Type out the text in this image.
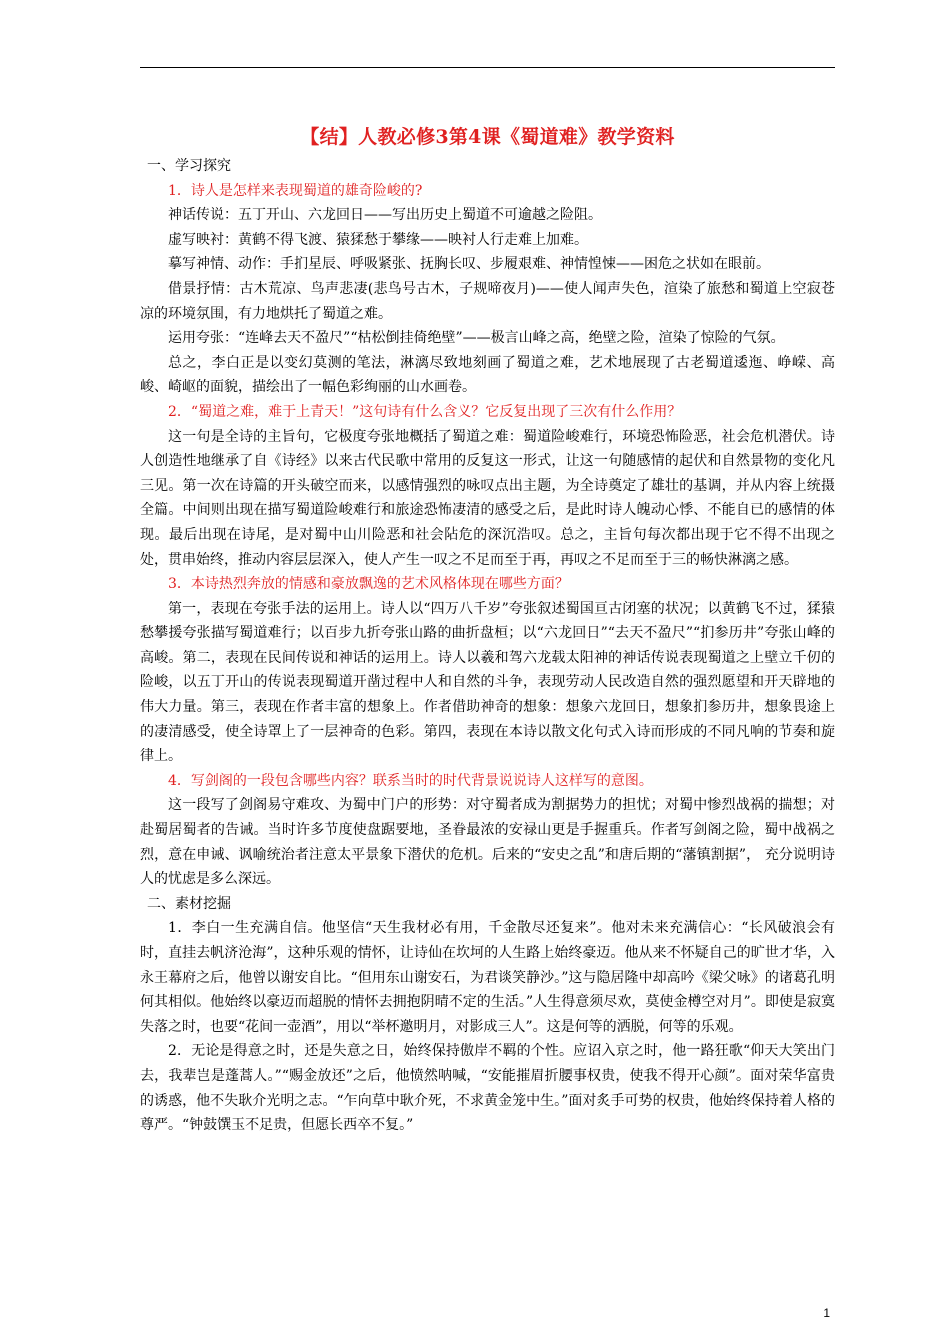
【结】人教必修3第4课《蜀道难》教学资料

一、学习探究

1．诗人是怎样来表现蜀道的雄奇险峻的?

神话传说：五丁开山、六龙回日——写出历史上蜀道不可逾越之险阻。

虚写映衬：黄鹤不得飞渡、猿猱愁于攀缘——映衬人行走难上加难。

摹写神情、动作：手扪星辰、呼吸紧张、抚胸长叹、步履艰难、神情惶悚——困危之状如在眼前。

借景抒情：古木荒凉、鸟声悲凄(悲鸟号古木，子规啼夜月)——使人闻声失色，渲染了旅愁和蜀道上空寂苍凉的环境氛围，有力地烘托了蜀道之难。

运用夸张：“连峰去天不盈尺”“枯松倒挂倚绝壁”——极言山峰之高，绝壁之险，渲染了惊险的气氛。

总之，李白正是以变幻莫测的笔法，淋漓尽致地刻画了蜀道之难，艺术地展现了古老蜀道逶迤、峥嵘、高峻、崎岖的面貌，描绘出了一幅色彩绚丽的山水画卷。

2．“蜀道之难，难于上青天！”这句诗有什么含义？它反复出现了三次有什么作用？

这一句是全诗的主旨句，它极度夸张地概括了蜀道之难：蜀道险峻难行，环境恐怖险恶，社会危机潜伏。诗人创造性地继承了自《诗经》以来古代民歌中常用的反复这一形式，让这一句随感情的起伏和自然景物的变化凡三见。第一次在诗篇的开头破空而来，以感情强烈的咏叹点出主题，为全诗奠定了雄壮的基调，并从内容上统摄全篇。中间则出现在描写蜀道险峻难行和旅途恐怖凄清的感受之后，是此时诗人魄动心悸、不能自已的感情的体现。最后出现在诗尾，是对蜀中山川险恶和社会阽危的深沉浩叹。总之，主旨句每次都出现于它不得不出现之处，贯串始终，推动内容层层深入，使人产生一叹之不足而至于再，再叹之不足而至于三的畅快淋漓之感。

3．本诗热烈奔放的情感和豪放飘逸的艺术风格体现在哪些方面？

第一，表现在夸张手法的运用上。诗人以“四万八千岁”夸张叙述蜀国亘古闭塞的状况；以黄鹤飞不过，猱猿愁攀援夸张描写蜀道难行；以百步九折夸张山路的曲折盘桓；以“六龙回日”“去天不盈尺”“扪参历井”夸张山峰的高峻。第二，表现在民间传说和神话的运用上。诗人以羲和驾六龙载太阳神的神话传说表现蜀道之上壁立千仞的险峻，以五丁开山的传说表现蜀道开凿过程中人和自然的斗争，表现劳动人民改造自然的强烈愿望和开天辟地的伟大力量。第三，表现在作者丰富的想象上。作者借助神奇的想象：想象六龙回日，想象扪参历井，想象畏途上的凄清感受，使全诗罩上了一层神奇的色彩。第四，表现在本诗以散文化句式入诗而形成的不同凡响的节奏和旋律上。

4．写剑阁的一段包含哪些内容？联系当时的时代背景说说诗人这样写的意图。

这一段写了剑阁易守难攻、为蜀中门户的形势：对守蜀者成为割据势力的担忧；对蜀中惨烈战祸的揣想；对赴蜀居蜀者的告诫。当时许多节度使盘踞要地，圣眷最浓的安禄山更是手握重兵。作者写剑阁之险，蜀中战祸之烈，意在申诫、讽喻统治者注意太平景象下潜伏的危机。后来的“安史之乱”和唐后期的“藩镇割据”， 充分说明诗人的忧虑是多么深远。

二、素材挖掘

1．李白一生充满自信。他坚信“天生我材必有用，千金散尽还复来”。他对未来充满信心：“长风破浪会有时，直挂去帆济沧海”，这种乐观的情怀，让诗仙在坎坷的人生路上始终豪迈。他从来不怀疑自己的旷世才华，入永王幕府之后，他曾以谢安自比。“但用东山谢安石，为君谈笑静沙。”这与隐居隆中却高吟《梁父咏》的诸葛孔明何其相似。他始终以豪迈而超脱的情怀去拥抱阴晴不定的生活。”人生得意须尽欢，莫使金樽空对月”。即使是寂寞失落之时，也要“花间一壶酒”，用以“举杯邀明月，对影成三人”。这是何等的洒脱，何等的乐观。

2．无论是得意之时，还是失意之日，始终保持傲岸不羁的个性。应诏入京之时，他一路狂歌“仰天大笑出门去，我辈岂是蓬蒿人。”“赐金放还”之后，他愤然呐喊，“安能摧眉折腰事权贵，使我不得开心颜”。面对荣华富贵的诱惑，他不失耿介光明之志。“乍向草中耿介死，不求黄金笼中生。”面对炙手可势的权贵，他始终保持着人格的尊严。“钟鼓馔玉不足贵，但愿长西卒不复。”

1
